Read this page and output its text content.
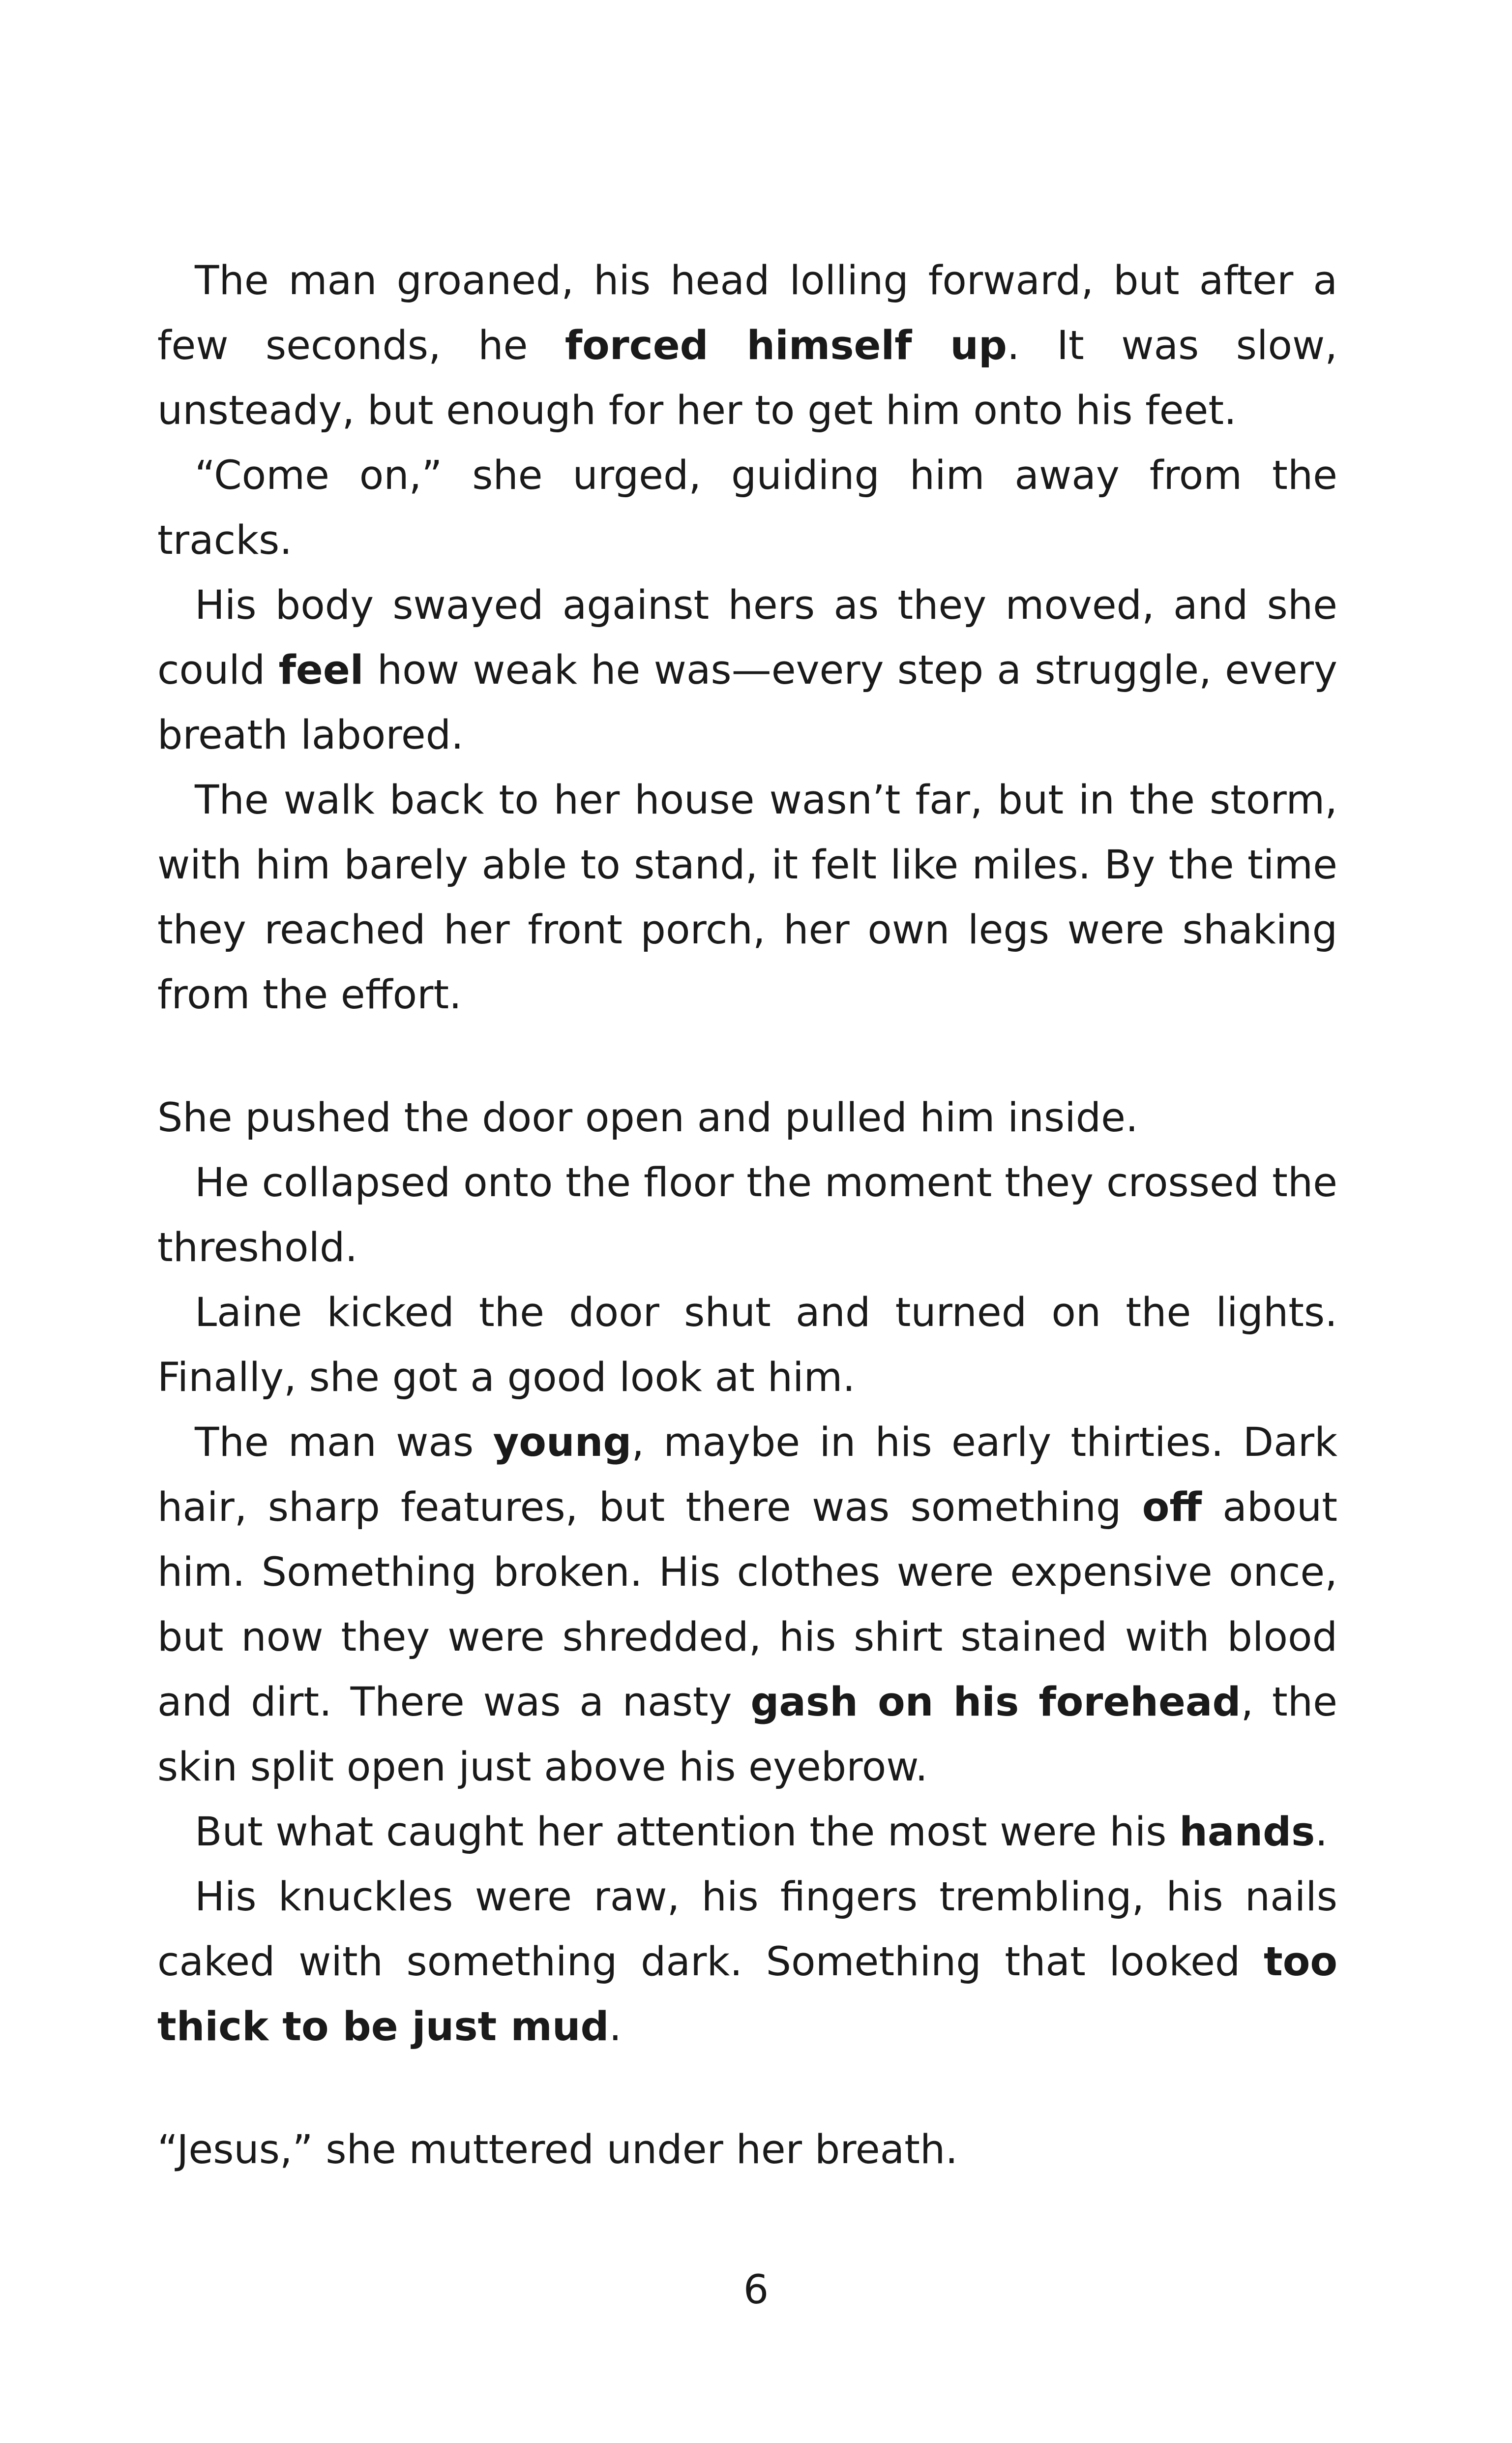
The man groaned, his head lolling forward, but after a few seconds, he forced himself up. It was slow, unsteady, but enough for her to get him onto his feet.

“Come on,” she urged, guiding him away from the tracks.

His body swayed against hers as they moved, and she could feel how weak he was—every step a struggle, every breath labored.

The walk back to her house wasn’t far, but in the storm, with him barely able to stand, it felt like miles. By the time they reached her front porch, her own legs were shaking from the effort.

She pushed the door open and pulled him inside.

He collapsed onto the floor the moment they crossed the threshold.

Laine kicked the door shut and turned on the lights. Finally, she got a good look at him.

The man was young, maybe in his early thirties. Dark hair, sharp features, but there was something off about him. Something broken. His clothes were expensive once, but now they were shredded, his shirt stained with blood and dirt. There was a nasty gash on his forehead, the skin split open just above his eyebrow.

But what caught her attention the most were his hands.

His knuckles were raw, his fingers trembling, his nails caked with something dark. Something that looked too thick to be just mud.

“Jesus,” she muttered under her breath.

6
